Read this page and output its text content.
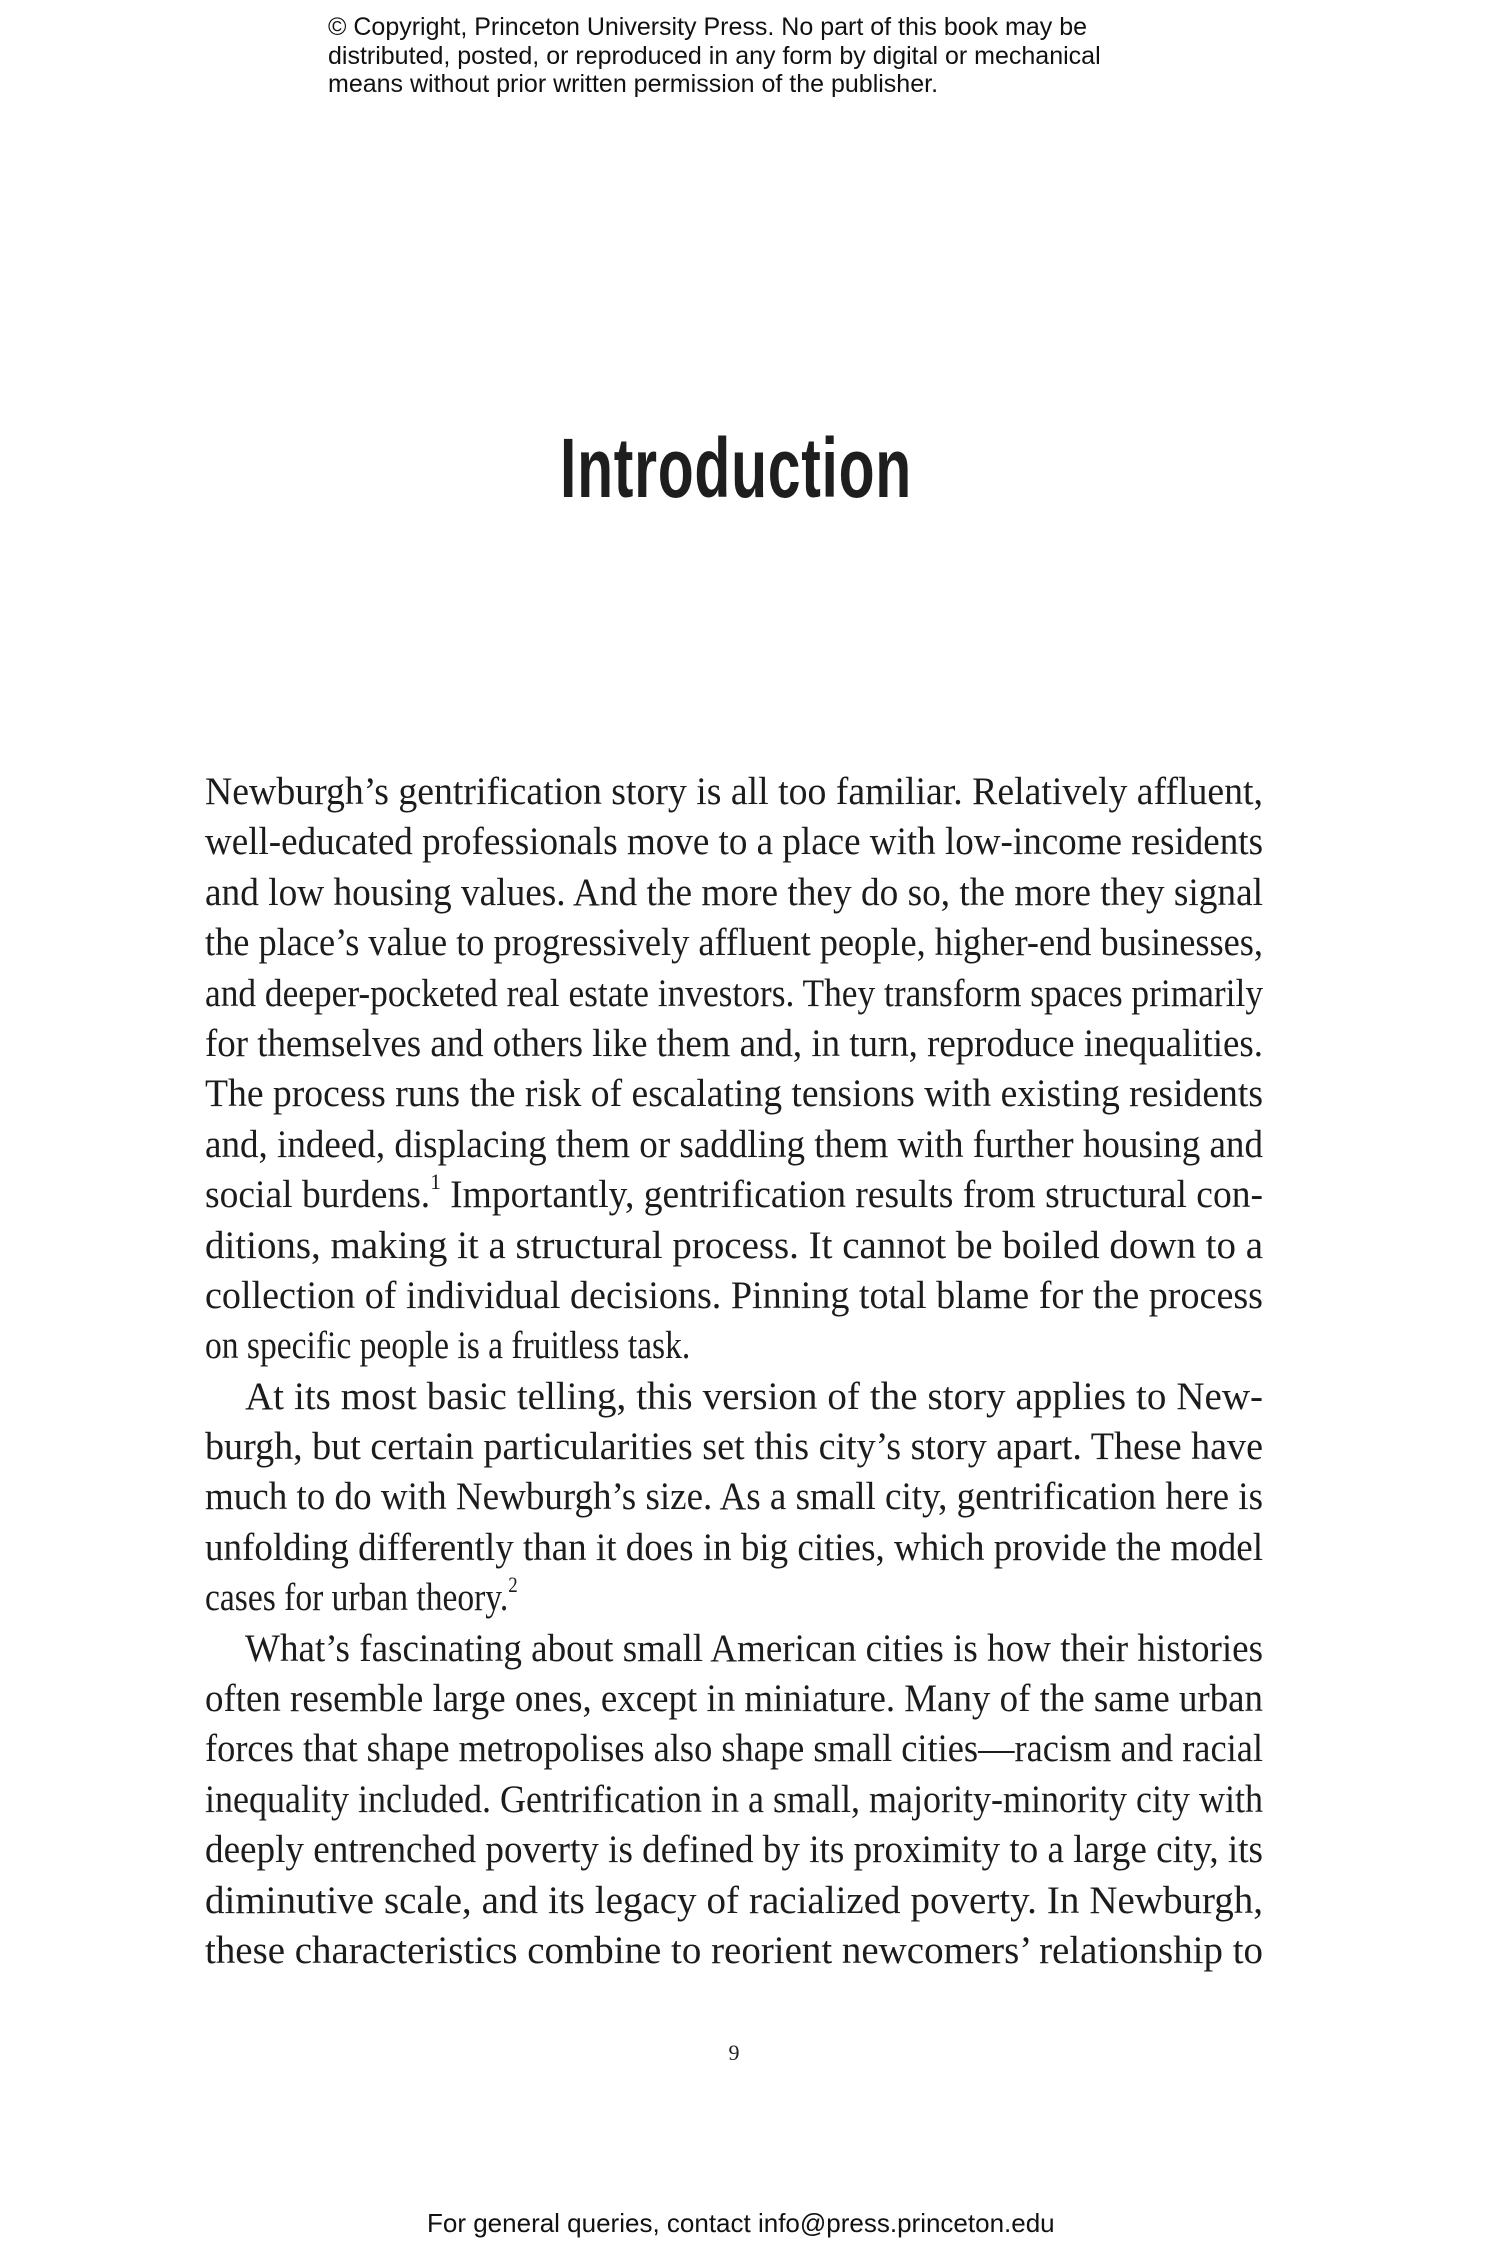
© Copyright, Princeton University Press. No part of this book may be
distributed, posted, or reproduced in any form by digital or mechanical
means without prior written permission of the publisher.
Introduction
Newburgh’s gentrification story is all too familiar. Relatively affluent,
well-educated professionals move to a place with low-income residents
and low housing values. And the more they do so, the more they signal
the place’s value to progressively affluent people, higher-end businesses,
and deeper-pocketed real estate investors. They transform spaces primarily
for themselves and others like them and, in turn, reproduce inequalities.
The process runs the risk of escalating tensions with existing residents
and, indeed, displacing them or saddling them with further housing and
social burdens.$^1$ Importantly, gentrification results from structural con-
ditions, making it a structural process. It cannot be boiled down to a
collection of individual decisions. Pinning total blame for the process
on specific people is a fruitless task.
At its most basic telling, this version of the story applies to New-
burgh, but certain particularities set this city’s story apart. These have
much to do with Newburgh’s size. As a small city, gentrification here is
unfolding differently than it does in big cities, which provide the model
cases for urban theory.$^2$
What’s fascinating about small American cities is how their histories
often resemble large ones, except in miniature. Many of the same urban
forces that shape metropolises also shape small cities—racism and racial
inequality included. Gentrification in a small, majority-minority city with
deeply entrenched poverty is defined by its proximity to a large city, its
diminutive scale, and its legacy of racialized poverty. In Newburgh,
these characteristics combine to reorient newcomers’ relationship to
9
For general queries, contact info@press.princeton.edu
